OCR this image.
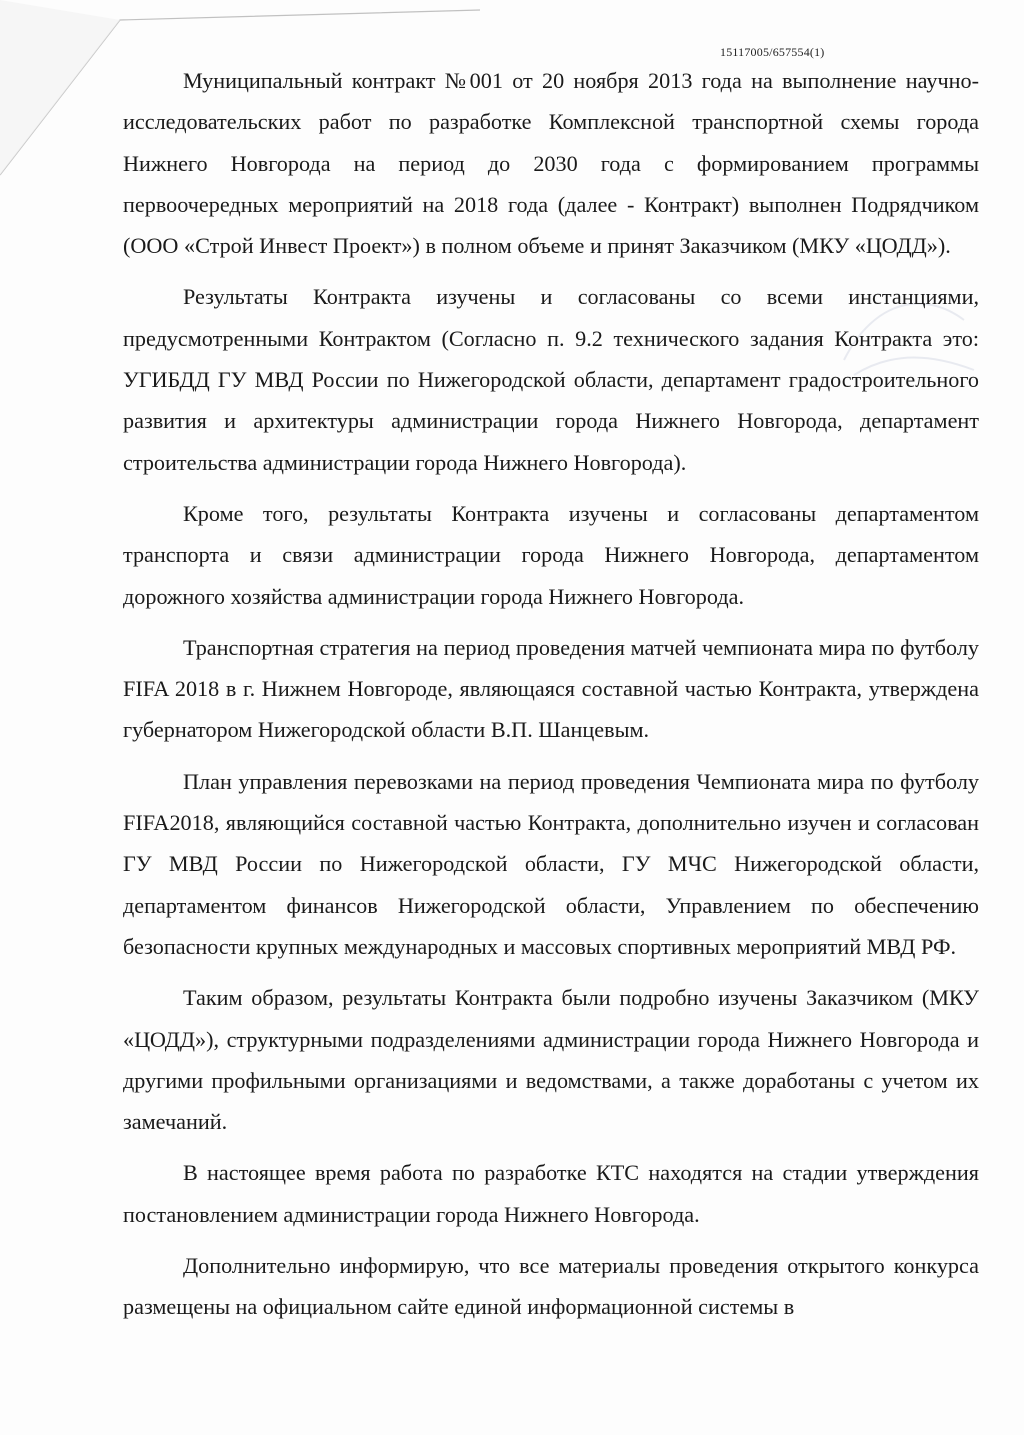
15117005/657554(1)

Муниципальный контракт №001 от 20 ноября 2013 года на выполнение научно-исследовательских работ по разработке Комплексной транспортной схемы города Нижнего Новгорода на период до 2030 года с формированием программы первоочередных мероприятий на 2018 года (далее - Контракт) выполнен Подрядчиком (ООО «Строй Инвест Проект») в полном объеме и принят Заказчиком (МКУ «ЦОДД»).

Результаты Контракта изучены и согласованы со всеми инстанциями, предусмотренными Контрактом (Согласно п. 9.2 технического задания Контракта это: УГИБДД ГУ МВД России по Нижегородской области, департамент градостроительного развития и архитектуры администрации города Нижнего Новгорода, департамент строительства администрации города Нижнего Новгорода).

Кроме того, результаты Контракта изучены и согласованы департаментом транспорта и связи администрации города Нижнего Новгорода, департаментом дорожного хозяйства администрации города Нижнего Новгорода.

Транспортная стратегия на период проведения матчей чемпионата мира по футболу FIFA 2018 в г. Нижнем Новгороде, являющаяся составной частью Контракта, утверждена губернатором Нижегородской области В.П. Шанцевым.

План управления перевозками на период проведения Чемпионата мира по футболу FIFA2018, являющийся составной частью Контракта, дополнительно изучен и согласован ГУ МВД России по Нижегородской области, ГУ МЧС Нижегородской области, департаментом финансов Нижегородской области, Управлением по обеспечению безопасности крупных международных и массовых спортивных мероприятий МВД РФ.

Таким образом, результаты Контракта были подробно изучены Заказчиком (МКУ «ЦОДД»), структурными подразделениями администрации города Нижнего Новгорода и другими профильными организациями и ведомствами, а также доработаны с учетом их замечаний.

В настоящее время работа по разработке КТС находятся на стадии утверждения постановлением администрации города Нижнего Новгорода.

Дополнительно информирую, что все материалы проведения открытого конкурса размещены на официальном сайте единой информационной системы в
